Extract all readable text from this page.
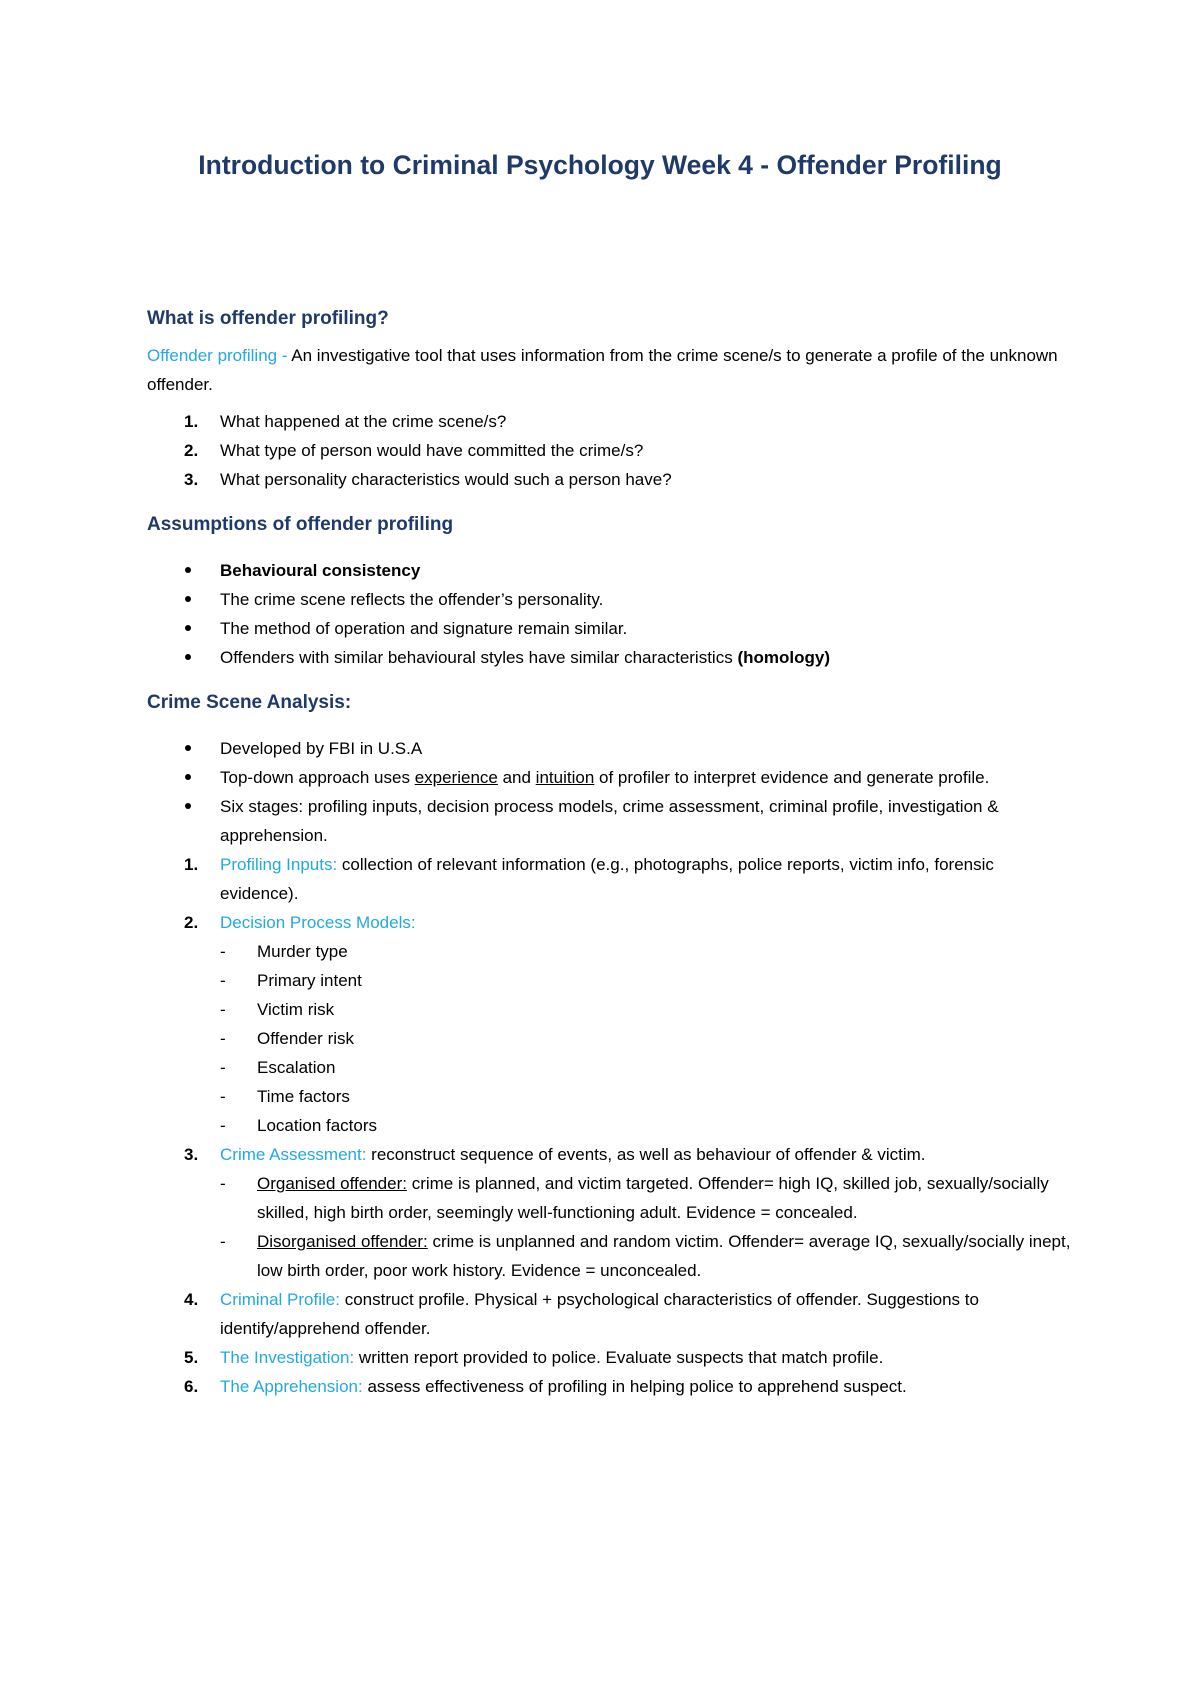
Introduction to Criminal Psychology Week 4 - Offender Profiling
What is offender profiling?

Offender profiling - An investigative tool that uses information from the crime scene/s to generate a profile of the unknown offender.

1.	What happened at the crime scene/s?
2.	What type of person would have committed the crime/s?
3.	What personality characteristics would such a person have?
Assumptions of offender profiling
Behavioural consistency
The crime scene reflects the offender’s personality.
The method of operation and signature remain similar.
Offenders with similar behavioural styles have similar characteristics (homology)
Crime Scene Analysis:
Developed by FBI in U.S.A
Top-down approach uses experience and intuition of profiler to interpret evidence and generate profile.
Six stages: profiling inputs, decision process models, crime assessment, criminal profile, investigation & apprehension.
1.	Profiling Inputs: collection of relevant information (e.g., photographs, police reports, victim info, forensic evidence).
2.	Decision Process Models:
-	Murder type
-	Primary intent
-	Victim risk
-	Offender risk
-	Escalation
-	Time factors
-	Location factors
3.	Crime Assessment: reconstruct sequence of events, as well as behaviour of offender & victim.
-	Organised offender: crime is planned, and victim targeted. Offender= high IQ, skilled job, sexually/socially skilled, high birth order, seemingly well-functioning adult. Evidence = concealed.
-	Disorganised offender: crime is unplanned and random victim. Offender= average IQ, sexually/socially inept, low birth order, poor work history. Evidence = unconcealed.
4.	Criminal Profile: construct profile. Physical + psychological characteristics of offender. Suggestions to identify/apprehend offender.
5.	The Investigation: written report provided to police. Evaluate suspects that match profile.
6.	The Apprehension: assess effectiveness of profiling in helping police to apprehend suspect.
